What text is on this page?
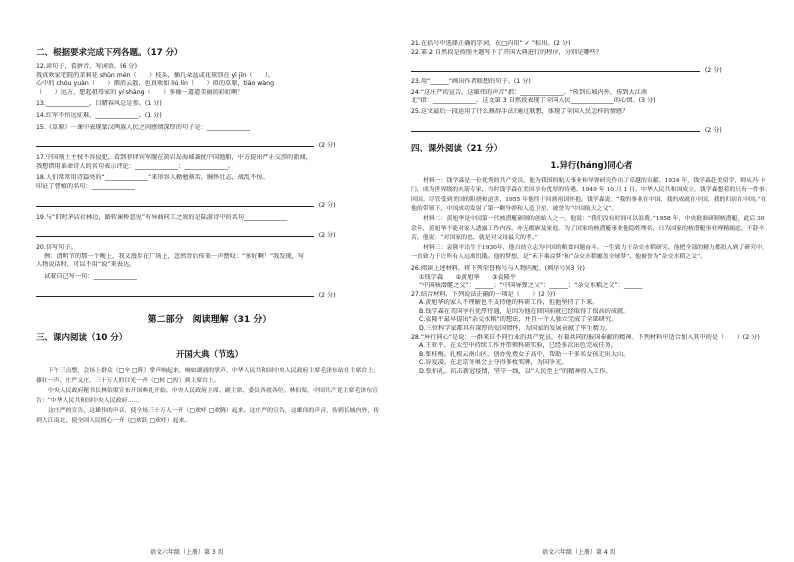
二、根据要求完成下列各题。（17 分）

12.读句子，看拼音，写词语。(6 分)

我真欢家宅院的茉莉花 shūn mén（　　）枝头，插几朵盆或花球别在 yì jīn（　　）。

心中的 chóu yuàn（　　）烟消云散，也真欢如 liú lín（　　）似的草原，tiào wàng

（　　）远方，想起祖母家的 yí shàng（　　）多像一道道美丽的彩虹啊！

13.______________，目睹春风总是参。(1 分)

14.红军不怕远征难，______________。(1 分)

15.《草原》一课中表现蒙汉两族人民之间感情深厚的句子是：______________

(2 分)

17.中国领土主权不容侵犯，看到菲律宾军舰在黄岩岛海域袭扰中国渔船，中方提出严正交涉的新闻，

我想借用革命诗人的名句表示评论：______________；______________。

18.人们常常用诗篇亮的“______________”来形容人勤勉刻苦，胸怀壮志，战乱不惊。

印证了曹植的名句：______________

(2 分)

19.与“旧时茅店社林边，路转溪桥忽见”有异曲同工之效的是陆游诗中的名句______________

(2 分)

20.仿写句子。

例：清明节的那一个晚上，我又漫步在广场上，忽然背后传来一声赞叹：“多好啊！”我发现，写

人物说话时，可以不用“说”来表达。

试着自己写一句：______________

(2 分)
第二部分　阅读理解（31 分）
三、课内阅读（10 分）
开国大典（节选）
下午三点整，会场上群众（□辛 □阵）掌声响起来，响如湖涌的掌声，中华人民共和国中央人民政府主席毛泽东站在主席台上，雄壮一声，庄严又庄，三十万人的目光一齐（□转 □投）到主席台上。
中央人民政府秘书长林伯渠宣布开国典礼开始。中央人民政府主席、副主席、委员各就各位。林伯渠，中国共产党主席毛泽东宣告：“中华人民共和国中央人民政府……
这庄严的宣告，这雄伟的声音，使全场三十万人一齐（□欢呼 □欢腾）起来。这庄严的宣告，这雄伟的声音，传到长城内外，传到大江南北，使全国人民的心一齐（□欢跃 □欢呼）起来。
语文六年级（上册）第 3 页

21.在括号中选择正确的字词，在□内用“ ✓ ”标出。(2 分)

22.第 2 自然段是按照主题写下了开国大典进行的程序，分别是哪些？

(2 分)

23.用“______”画出作者联想的句子。(1 分)

24.“这庄严的宣告，这雄伟的声音”指：______________。“传到长城内外，传到大江南

北”指：______________。这文第 3 自然段表现了全国人民______________的心情。(3 分)

25.这文最后一段运用了什么修辞手法?通过联想，体现了全国人民怎样的情感？

(2 分)
四、课外阅读（21 分）
1.异行(háng)同心者
材料一：钱学森是一位优秀的共产党员，他为我国的航天事业和导弹研究作出了卓越的贡献。1934 年，钱学森赴美留学，师从冯·卡门，成为世界级的火箭专家，当时钱学森在美国享有优厚的待遇。1949 年 10 月 1 日，中华人民共和国成立，钱学森想着的只有一件事：回国。尽管受到美国的阻挠和迫害，1955 年他终于回到祖国怀抱。钱学森说：“我的事业在中国，我的成就在中国，我的归宿在中国。”在他的带领下，中国成功发射了第一颗导弹和人造卫星，被誉为“中国航天之父”。
材料二：黄旭华是中国第一代核潜艇研制的创始人之一。他说：“我们没有时间可以浪费。”1958 年，中央批准研制核潜艇，此后 30 余年，黄旭华不能对家人透露工作内容，亦无暇顾及家庭。为了国家的核潜艇事业他隐姓埋名，只为国家的核潜艇事业殚精竭虑，不辞辛苦。他说：“对国家的忠，就是对父母最大的孝。”
材料三：袁隆平出生于1930年，他自幼立志为中国的粮食问题奋斗，一生致力于杂交水稻研究。他把全部的精力都投入到了研究中，一直致力于让所有人远离饥饿。他的梦想，是“禾下乘凉梦”和“杂交水稻覆盖全球梦”。他被誉为“杂交水稻之父”。

26.阅读上述材料，将下列荣誉称号与人物匹配。(填序号)(3 分)

①钱学森　　②黄旭华　　③袁隆平

“中国核潜艇之父”：______；“中国导弹之父”：______；“杂交水稻之父”：______

27.结合材料，下列说法正确的一项是（　　）(2 分)

A.黄旭华的家人不理解也不支持他的科研工作，但他坚持了下来。

B.钱学森在美国享有优厚待遇，是因为他在回国前就已经取得了很高的成就。

C.袁隆平最早提出“杂交水稻”的想法，并且一个人独立完成了全部研究。

D.三位科学家都具有深厚的爱国情怀，为国家的发展贡献了毕生精力。

28.“异行同心”是说：一群来自不同行业的共产党员，有着共同的报国奉献的精神。下列材料中适合加入其中的是（　　）(2 分)

A.王亚平。在太空中持续工作并带领科研实验，已经多次出色完成任务。

B.张桂梅。扎根云南山区，创办免费女子高中，帮助一千多名女孩走出大山。

C.谷爱凌。在北京冬奥会上夺得多枚奖牌，为国争光。

D.张伯礼。抗击新冠疫情，坚守一线，以“人民至上”的精神投入工作。

语文六年级（上册）第 4 页
